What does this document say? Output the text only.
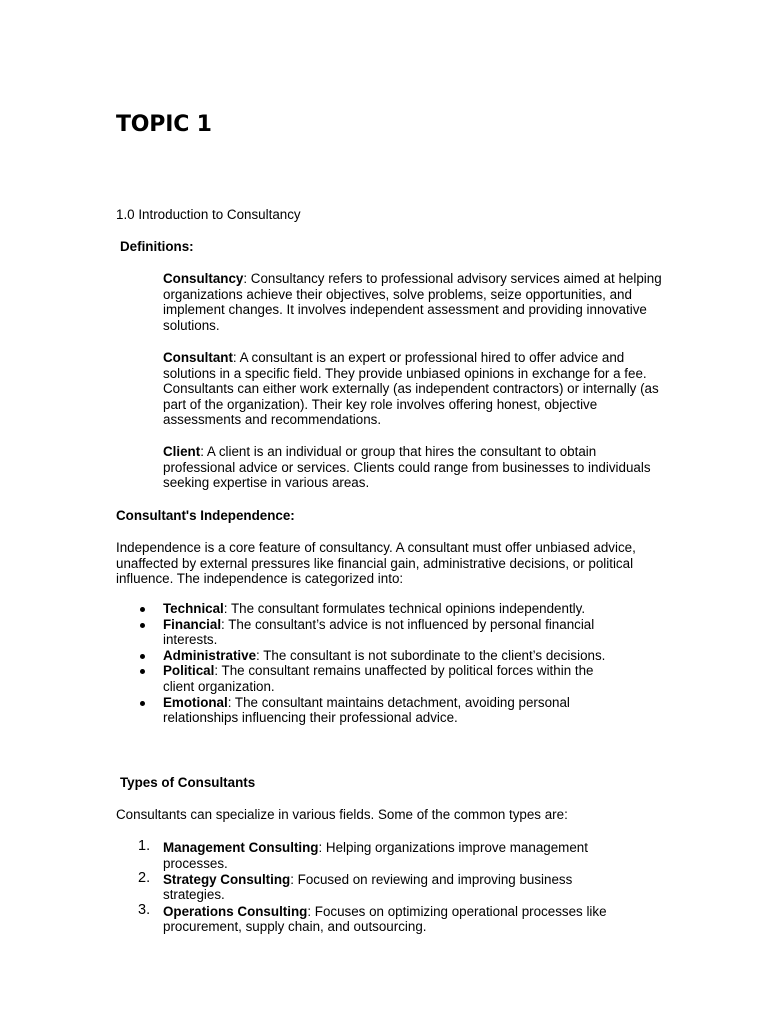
TOPIC 1

1.0 Introduction to Consultancy

Definitions:

Consultancy: Consultancy refers to professional advisory services aimed at helping organizations achieve their objectives, solve problems, seize opportunities, and implement changes. It involves independent assessment and providing innovative solutions.

Consultant: A consultant is an expert or professional hired to offer advice and solutions in a specific field. They provide unbiased opinions in exchange for a fee. Consultants can either work externally (as independent contractors) or internally (as part of the organization). Their key role involves offering honest, objective assessments and recommendations.

Client: A client is an individual or group that hires the consultant to obtain professional advice or services. Clients could range from businesses to individuals seeking expertise in various areas.

Consultant's Independence:

Independence is a core feature of consultancy. A consultant must offer unbiased advice, unaffected by external pressures like financial gain, administrative decisions, or political influence. The independence is categorized into:

Technical: The consultant formulates technical opinions independently.
Financial: The consultant’s advice is not influenced by personal financial interests.
Administrative: The consultant is not subordinate to the client’s decisions.
Political: The consultant remains unaffected by political forces within the client organization.
Emotional: The consultant maintains detachment, avoiding personal relationships influencing their professional advice.

Types of Consultants

Consultants can specialize in various fields. Some of the common types are:

1. Management Consulting: Helping organizations improve management processes.
2. Strategy Consulting: Focused on reviewing and improving business strategies.
3. Operations Consulting: Focuses on optimizing operational processes like procurement, supply chain, and outsourcing.
